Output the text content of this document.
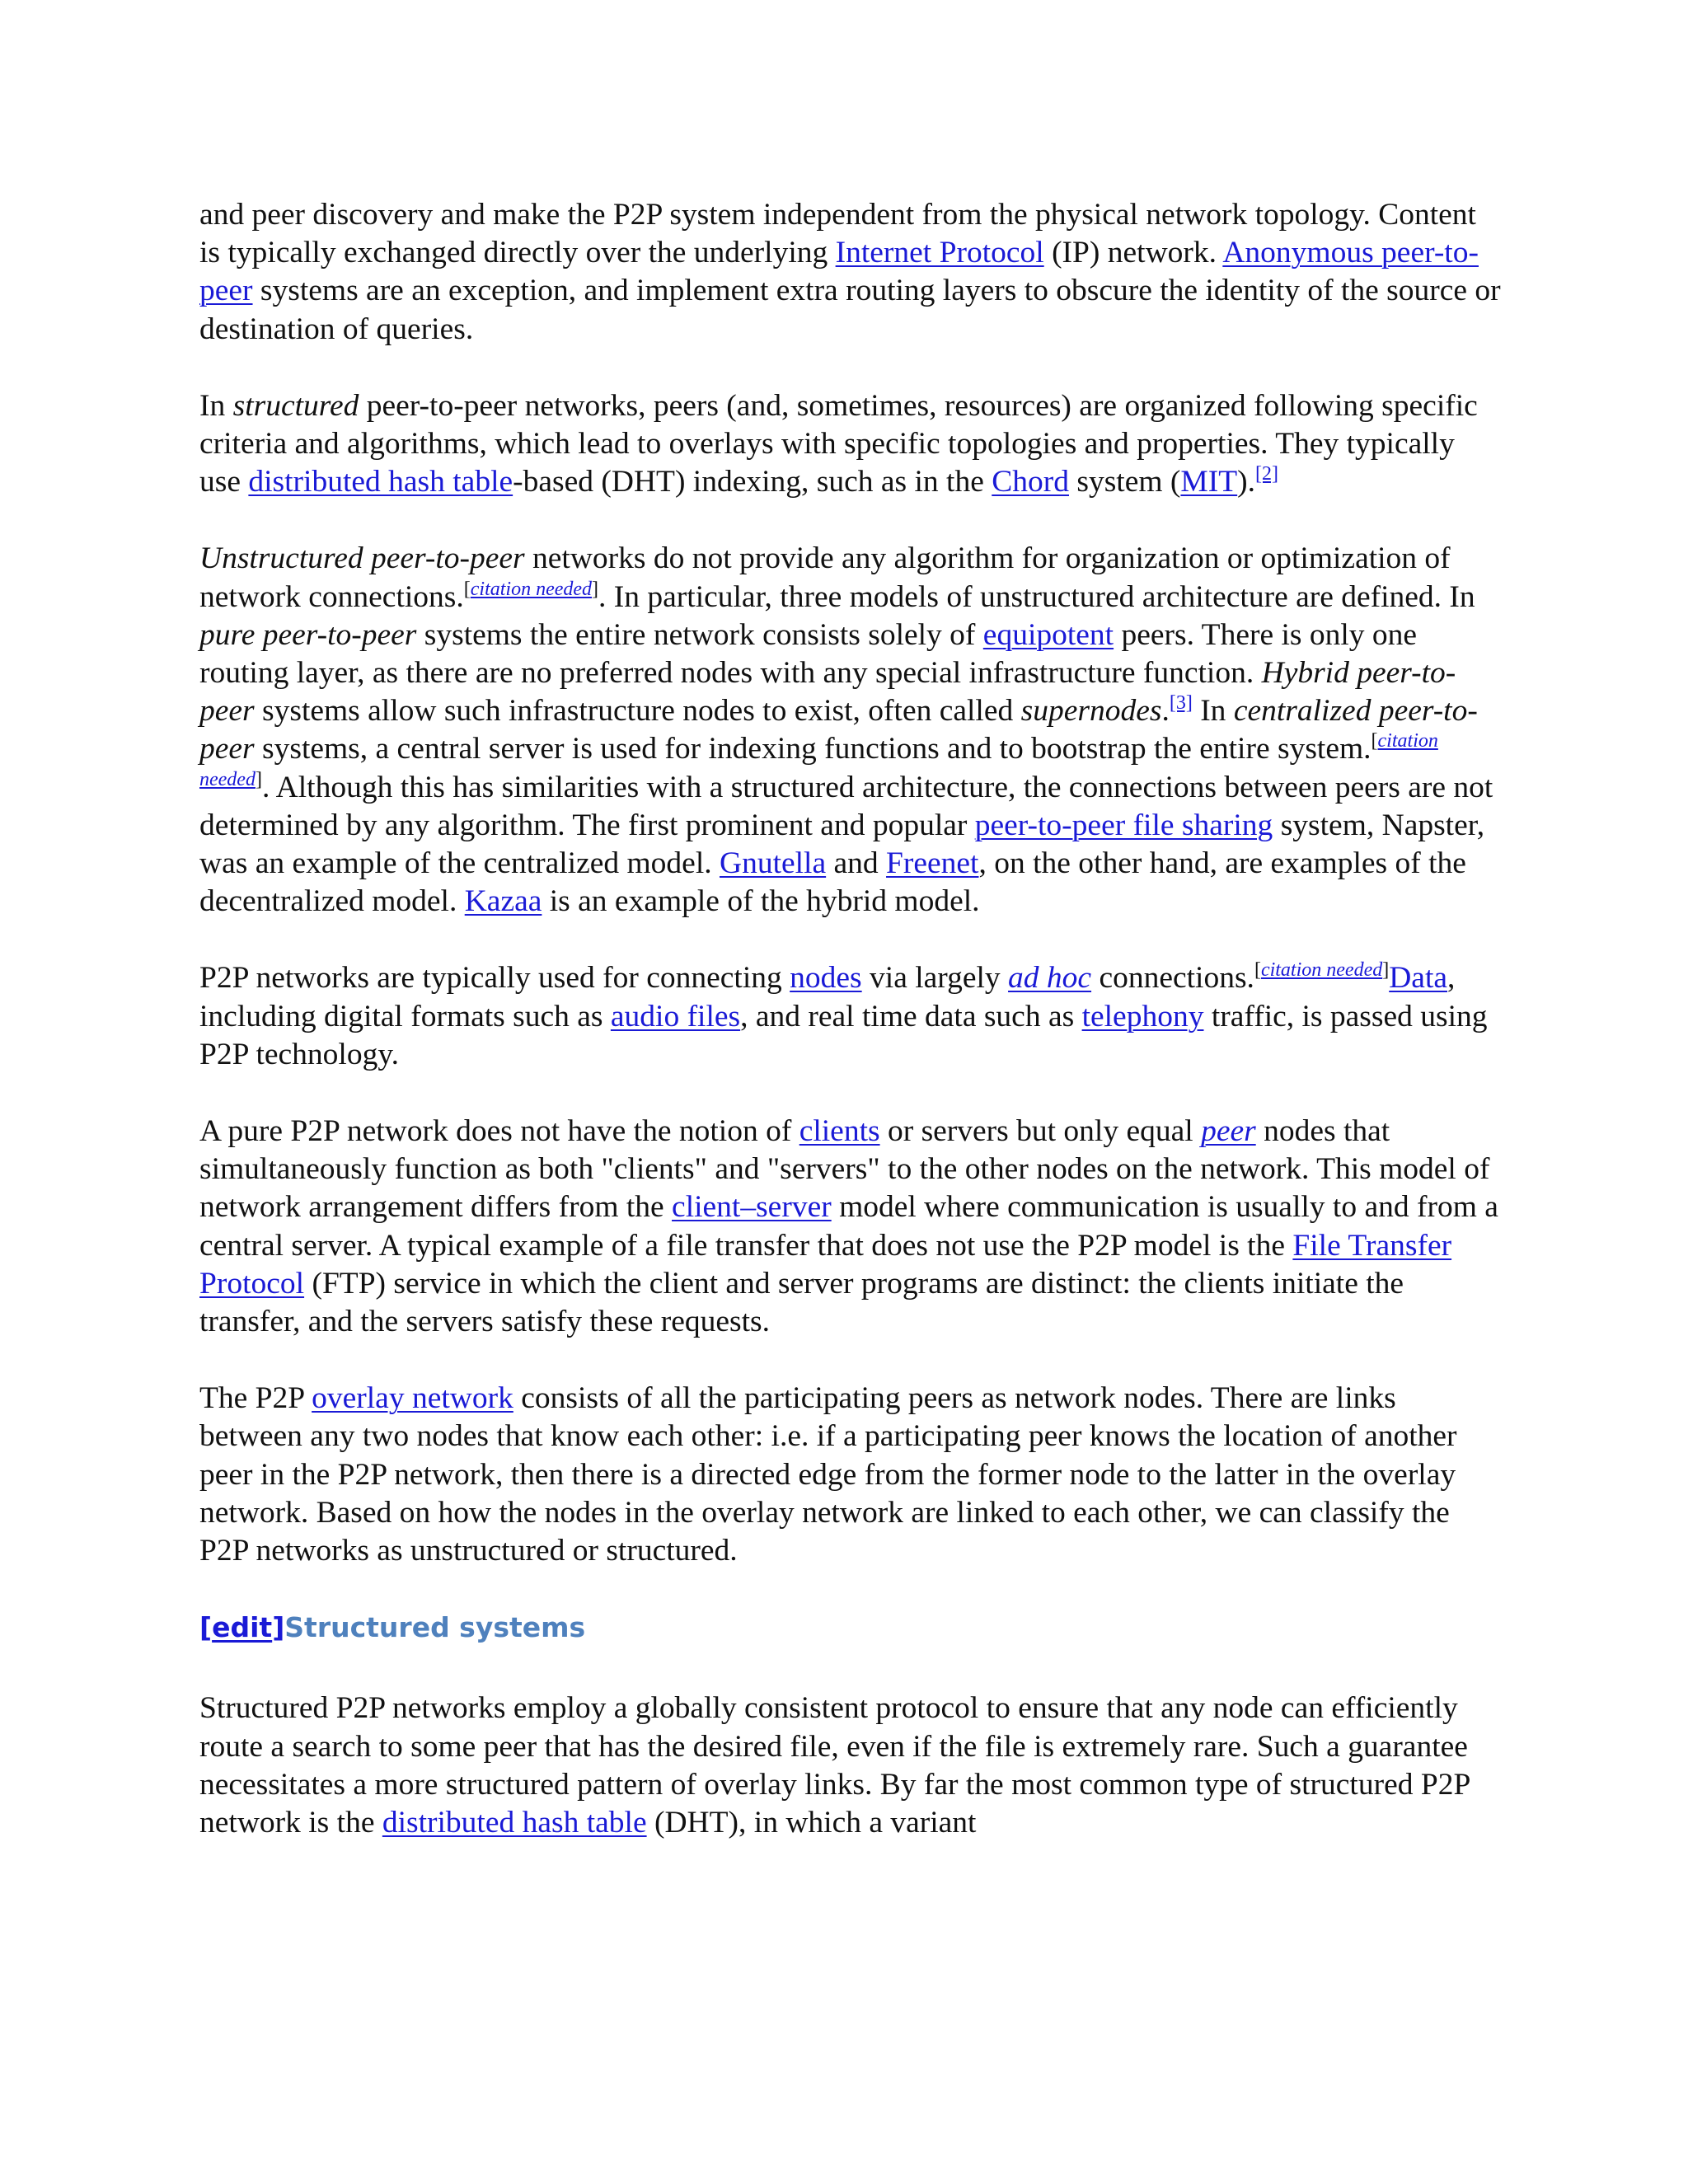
and peer discovery and make the P2P system independent from the physical network topology. Content is typically exchanged directly over the underlying Internet Protocol (IP) network. Anonymous peer-to-peer systems are an exception, and implement extra routing layers to obscure the identity of the source or destination of queries.

In structured peer-to-peer networks, peers (and, sometimes, resources) are organized following specific criteria and algorithms, which lead to overlays with specific topologies and properties. They typically use distributed hash table-based (DHT) indexing, such as in the Chord system (MIT).[2]

Unstructured peer-to-peer networks do not provide any algorithm for organization or optimization of network connections.[citation needed]. In particular, three models of unstructured architecture are defined. In pure peer-to-peer systems the entire network consists solely of equipotent peers. There is only one routing layer, as there are no preferred nodes with any special infrastructure function. Hybrid peer-to-peer systems allow such infrastructure nodes to exist, often called supernodes.[3] In centralized peer-to-peer systems, a central server is used for indexing functions and to bootstrap the entire system.[citation needed]. Although this has similarities with a structured architecture, the connections between peers are not determined by any algorithm. The first prominent and popular peer-to-peer file sharing system, Napster, was an example of the centralized model. Gnutella and Freenet, on the other hand, are examples of the decentralized model. Kazaa is an example of the hybrid model.

P2P networks are typically used for connecting nodes via largely ad hoc connections.[citation needed]Data, including digital formats such as audio files, and real time data such as telephony traffic, is passed using P2P technology.

A pure P2P network does not have the notion of clients or servers but only equal peer nodes that simultaneously function as both "clients" and "servers" to the other nodes on the network. This model of network arrangement differs from the client–server model where communication is usually to and from a central server. A typical example of a file transfer that does not use the P2P model is the File Transfer Protocol (FTP) service in which the client and server programs are distinct: the clients initiate the transfer, and the servers satisfy these requests.

The P2P overlay network consists of all the participating peers as network nodes. There are links between any two nodes that know each other: i.e. if a participating peer knows the location of another peer in the P2P network, then there is a directed edge from the former node to the latter in the overlay network. Based on how the nodes in the overlay network are linked to each other, we can classify the P2P networks as unstructured or structured.

[edit]Structured systems

Structured P2P networks employ a globally consistent protocol to ensure that any node can efficiently route a search to some peer that has the desired file, even if the file is extremely rare. Such a guarantee necessitates a more structured pattern of overlay links. By far the most common type of structured P2P network is the distributed hash table (DHT), in which a variant
